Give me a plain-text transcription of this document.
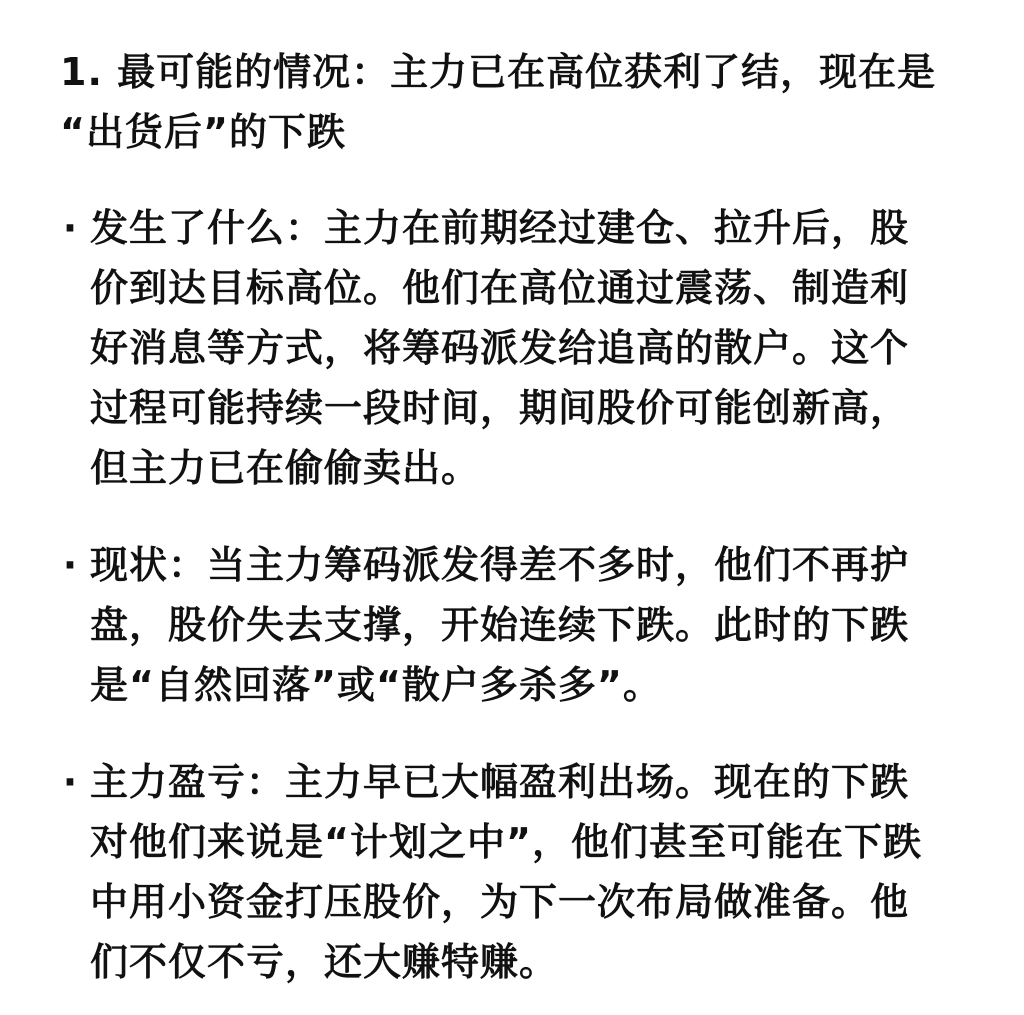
1. 最可能的情况：主力已在高位获利了结，现在是
“出货后”的下跌
· 发生了什么：主力在前期经过建仓、拉升后，股
价到达目标高位。他们在高位通过震荡、制造利
好消息等方式，将筹码派发给追高的散户。这个
过程可能持续一段时间，期间股价可能创新高，
但主力已在偷偷卖出。
· 现状：当主力筹码派发得差不多时，他们不再护
盘，股价失去支撑，开始连续下跌。此时的下跌
是“自然回落”或“散户多杀多”。
· 主力盈亏：主力早已大幅盈利出场。现在的下跌
对他们来说是“计划之中”，他们甚至可能在下跌
中用小资金打压股价，为下一次布局做准备。他
们不仅不亏，还大赚特赚。
